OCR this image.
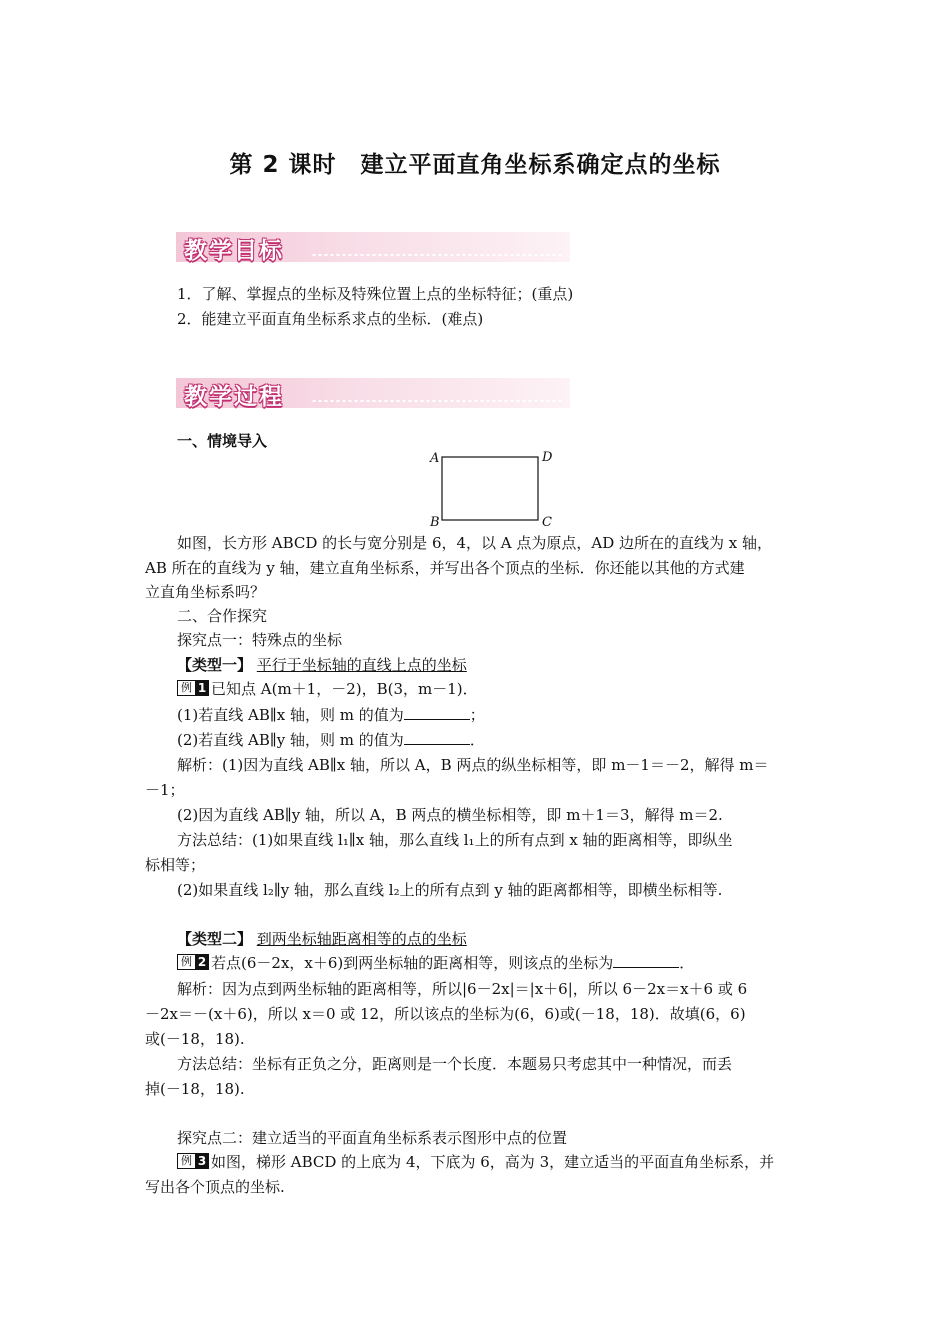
第 2 课时　建立平面直角坐标系确定点的坐标
教学目标
1．了解、掌握点的坐标及特殊位置上点的坐标特征；(重点)
2．能建立平面直角坐标系求点的坐标．(难点)
教学过程
一、情境导入
A	D
B	C
如图，长方形 ABCD 的长与宽分别是 6，4，以 A 点为原点，AD 边所在的直线为 x 轴，
AB 所在的直线为 y 轴，建立直角坐标系，并写出各个顶点的坐标．你还能以其他的方式建
立直角坐标系吗？
二、合作探究
探究点一：特殊点的坐标
【类型一】 平行于坐标轴的直线上点的坐标
例 1 已知点 A(m＋1，－2)，B(3，m－1)．
(1)若直线 AB∥x 轴，则 m 的值为	；
(2)若直线 AB∥y 轴，则 m 的值为	．
解析：(1)因为直线 AB∥x 轴，所以 A，B 两点的纵坐标相等，即 m－1＝－2，解得 m＝
－1；
(2)因为直线 AB∥y 轴，所以 A，B 两点的横坐标相等，即 m＋1＝3，解得 m＝2.
方法总结：(1)如果直线 l₁∥x 轴，那么直线 l₁上的所有点到 x 轴的距离相等，即纵坐
标相等；
(2)如果直线 l₂∥y 轴，那么直线 l₂上的所有点到 y 轴的距离都相等，即横坐标相等.
【类型二】 到两坐标轴距离相等的点的坐标
例 2 若点(6－2x，x＋6)到两坐标轴的距离相等，则该点的坐标为	．
解析：因为点到两坐标轴的距离相等，所以|6－2x|＝|x＋6|，所以 6－2x＝x＋6 或 6
－2x＝－(x＋6)，所以 x＝0 或 12，所以该点的坐标为(6，6)或(－18，18)．故填(6，6)
或(－18，18).
方法总结：坐标有正负之分，距离则是一个长度．本题易只考虑其中一种情况，而丢
掉(－18，18).
探究点二：建立适当的平面直角坐标系表示图形中点的位置
例 3 如图，梯形 ABCD 的上底为 4，下底为 6，高为 3，建立适当的平面直角坐标系，并
写出各个顶点的坐标.
